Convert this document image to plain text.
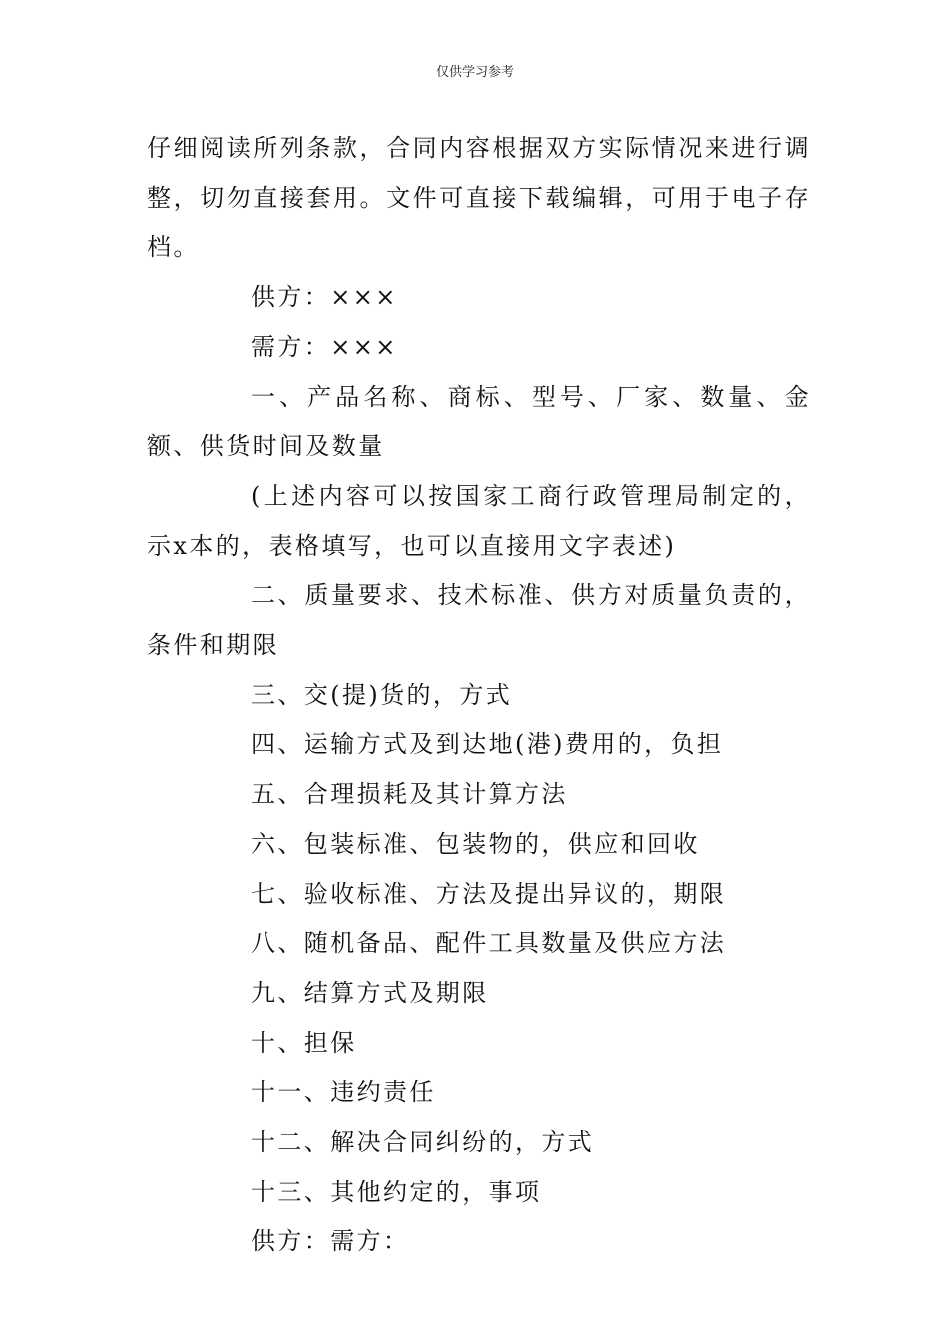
仅供学习参考

仔细阅读所列条款，合同内容根据双方实际情况来进行调整，切勿直接套用。文件可直接下载编辑，可用于电子存档。

供方：×××

需方：×××

一、产品名称、商标、型号、厂家、数量、金额、供货时间及数量

(上述内容可以按国家工商行政管理局制定的，示x本的，表格填写，也可以直接用文字表述)

二、质量要求、技术标准、供方对质量负责的，条件和期限

三、交(提)货的，方式

四、运输方式及到达地(港)费用的，负担

五、合理损耗及其计算方法

六、包装标准、包装物的，供应和回收

七、验收标准、方法及提出异议的，期限

八、随机备品、配件工具数量及供应方法

九、结算方式及期限

十、担保

十一、违约责任

十二、解决合同纠纷的，方式

十三、其他约定的，事项

供方：需方：
